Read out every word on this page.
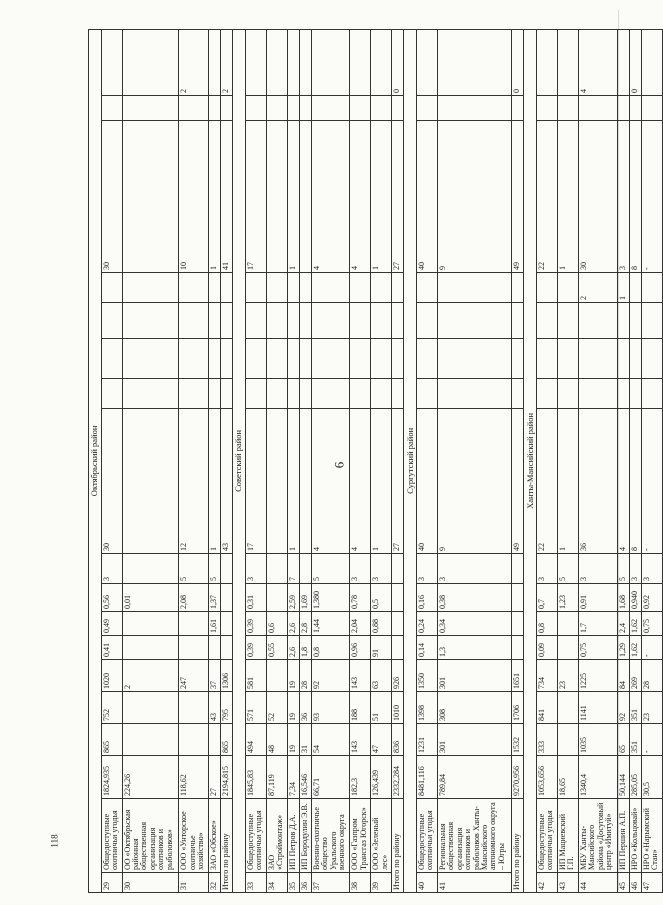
6
118
Октябрьский район																	
29	Общедоступные охотничьи угодья	1824,935	865	752	1020	0,41	0,49	0,56	3	30					30		
30	ОО «Октябрьская районная общественная организация охотников и рыболовов»	224,26			2			0,01									
31	ООО «Унторское охотничье хозяйство»	118,62			247			2,08	5	12					10		2
32	ЗАО «Обское»	27		43	37		1,61	1,37	5	1					1		
Итого по району		2194,815	865	795	1306					43					41		2
Советский район																	
33	Общедоступные охотничьи угодья	1845,83	494	571	581	0,39	0,39	0,31	3	17					17		
34	ЗАО «Строймонтаж»	87,119	48	52		0,55	0,6										
35	ИП Петров Д.А.	7,34	19	19	19	2,6	2,6	2,59	7	1					1		
36	ИП Бородулин Э.В.	16,546	31	36	28	1,8	2,8	1,69									
37	Военно-охотничье общество Уральского военного округа	66,71	54	93	92	0,8	1,44	1,380	5	4					4		
38	ООО «Газпром Трансгаз Югорск»	182,3	143	188	143	0,96	2,04	0,78	3	4					4		
39	ООО «Зеленый лес»	126,439	47	51	63	91	0,88	0,5	3	1					1		
Итого по району		2332,284	836	1010	926					27					27		0
Сургутский район																	
40	Общедоступные охотничьи угодья	8481,116	1231	1398	1350	0,14	0,24	0,16	3	40					40		
41	Региональная общественная организация охотников и рыболовов Ханты-Мансийского автономного округа – Югры	789,84	301	308	301	1,3	0,34	0,38	3	9					9		
Итого по району		9270,956	1532	1706	1651					49					49		0
Ханты-Мансийский район																	
42	Общедоступные охотничьи угодья	1053,656	333	841	734	0,09	0,8	0,7	3	22					22		
43	ИП Мациевский Г.П.	18,65			23			1,23	5	1					1		
44	МБУ Ханты-Мансийского района «Досуговый центр «Имитуй»	1340,4	1035	1141	1225	0,75	1,7	0,91	3	36				2	30		4
45	ИП Першин А.П.	50,144	65	92	84	1,29	2,4	1,68	5	4				1	3		
46	НРО «Кольцовай»	285,05	351	351	269	1,62	1,62	0,940	3	8					8		0
47	НРО «Нарымский Стан»	30,5	-	23	28	-	0,75	0,92	3	-					-		
